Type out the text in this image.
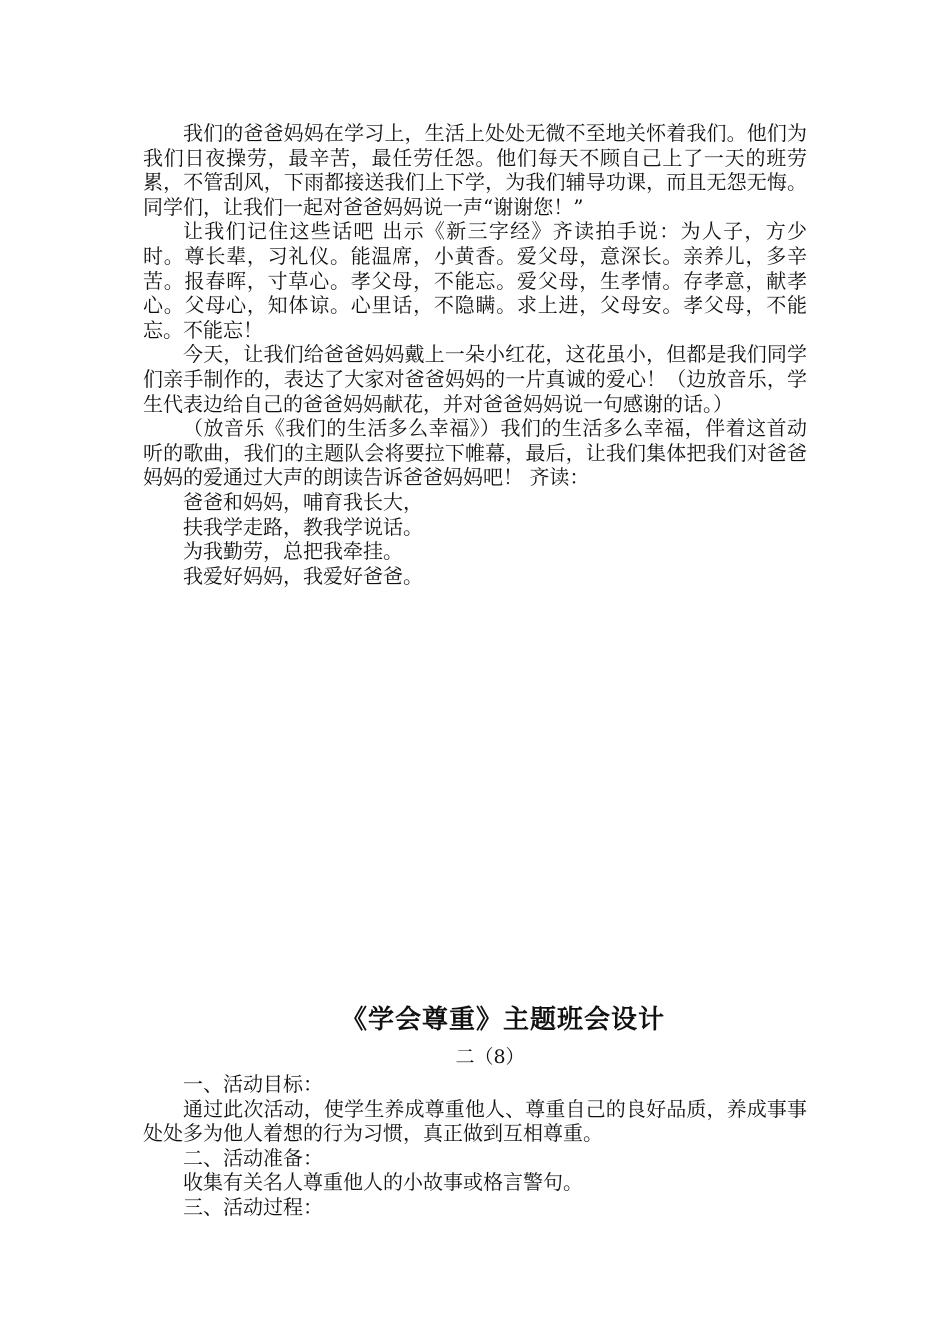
我们的爸爸妈妈在学习上，生活上处处无微不至地关怀着我们。他们为我们日夜操劳，最辛苦，最任劳任怨。他们每天不顾自己上了一天的班劳累，不管刮风，下雨都接送我们上下学，为我们辅导功课，而且无怨无悔。同学们，让我们一起对爸爸妈妈说一声“谢谢您！”

让我们记住这些话吧 出示《新三字经》齐读拍手说：为人子，方少时。尊长辈，习礼仪。能温席，小黄香。爱父母，意深长。亲养儿，多辛苦。报春晖，寸草心。孝父母，不能忘。爱父母，生孝情。存孝意，献孝心。父母心，知体谅。心里话，不隐瞒。求上进，父母安。孝父母，不能忘。不能忘！

今天，让我们给爸爸妈妈戴上一朵小红花，这花虽小，但都是我们同学们亲手制作的，表达了大家对爸爸妈妈的一片真诚的爱心！（边放音乐，学生代表边给自己的爸爸妈妈献花，并对爸爸妈妈说一句感谢的话。）

（放音乐《我们的生活多么幸福》）我们的生活多么幸福，伴着这首动听的歌曲，我们的主题队会将要拉下帷幕，最后，让我们集体把我们对爸爸妈妈的爱通过大声的朗读告诉爸爸妈妈吧！ 齐读：

爸爸和妈妈，哺育我长大，

扶我学走路，教我学说话。

为我勤劳，总把我牵挂。

我爱好妈妈，我爱好爸爸。

《学会尊重》主题班会设计

二（8）

一、活动目标：

通过此次活动，使学生养成尊重他人、尊重自己的良好品质，养成事事处处多为他人着想的行为习惯，真正做到互相尊重。

二、活动准备：

收集有关名人尊重他人的小故事或格言警句。

三、活动过程：
